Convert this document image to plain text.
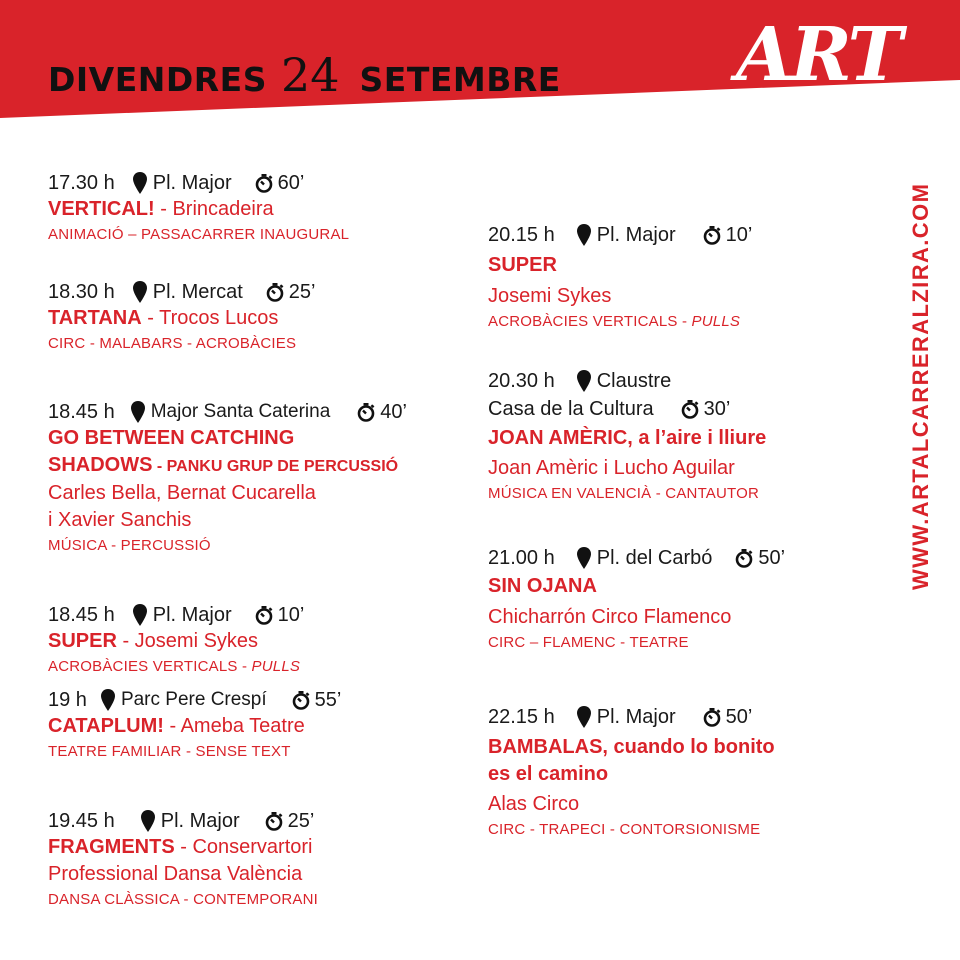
DIVENDRES 24 SETEMBRE ART
6
AL CARRER
ALZIRA
WWW.ARTALCARRERALZIRA.COM
17.30 h Pl. Major 60’
VERTICAL! - Brincadeira
ANIMACIÓ – PASSACARRER INAUGURAL
18.30 h Pl. Mercat 25’
TARTANA - Trocos Lucos
CIRC - MALABARS - ACROBÀCIES
18.45 h Major Santa Caterina	40’
GO BETWEEN CATCHING
SHADOWS - PANKU GRUP DE PERCUSSIÓ
Carles Bella, Bernat Cucarella
i Xavier Sanchis
MÚSICA - PERCUSSIÓ
18.45 h Pl. Major 10’
SUPER - Josemi Sykes
ACROBÀCIES VERTICALS - PULLS
19 h Parc Pere Crespí 55’
CATAPLUM! - Ameba Teatre
TEATRE FAMILIAR - SENSE TEXT
19.45 h Pl. Major 25’
FRAGMENTS - Conservartori
Professional Dansa València
DANSA CLÀSSICA - CONTEMPORANI
20.15 h Pl. Major	10’
SUPER
Josemi Sykes
ACROBÀCIES VERTICALS - PULLS
20.30 h Claustre
Casa de la Cultura	30’
JOAN AMÈRIC, a l’aire i lliure
Joan Amèric i Lucho Aguilar
MÚSICA EN VALENCIÀ - CANTAUTOR
21.00 h Pl. del Carbó 50’
SIN OJANA
Chicharrón Circo Flamenco
CIRC – FLAMENC - TEATRE
22.15 h Pl. Major	50’
BAMBALAS, cuando lo bonito
es el camino
Alas Circo
CIRC - TRAPECI - CONTORSIONISME
